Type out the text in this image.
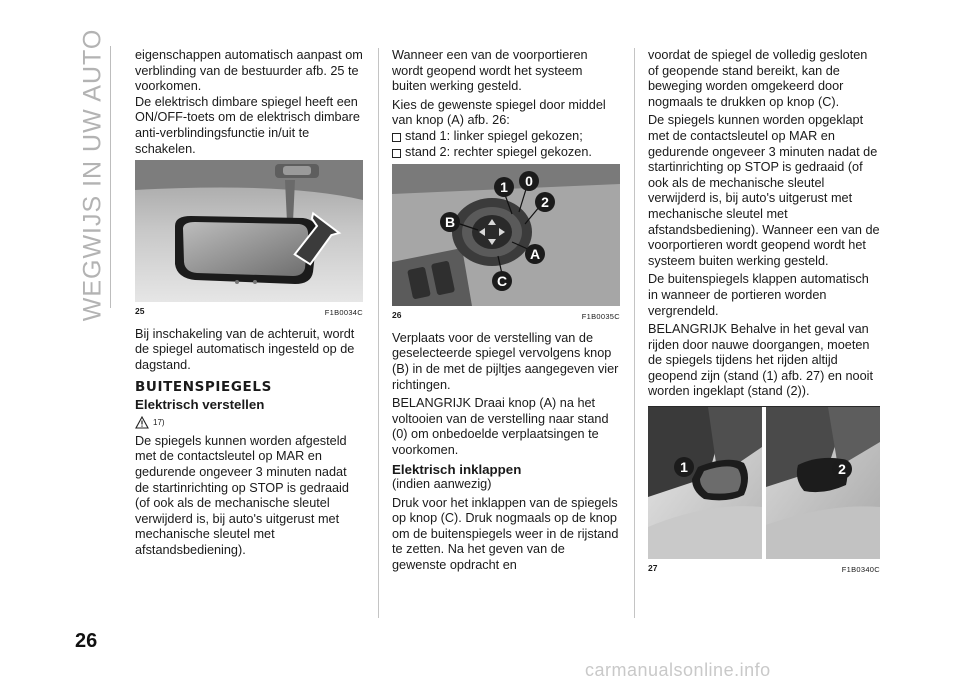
WEGWIJS IN UW AUTO eigenschappen automatisch aanpast om verblinding van de bestuurder afb. 25 te voorkomen.

De elektrisch dimbare spiegel heeft een ON/OFF-toets om de elektrisch dimbare anti-verblindingsfunctie in/uit te schakelen.

25	F1B0034C

Bij inschakeling van de achteruit, wordt de spiegel automatisch ingesteld op de dagstand.

BUITENSPIEGELS
Elektrisch verstellen
17)

De spiegels kunnen worden afgesteld met de contactsleutel op MAR en gedurende ongeveer 3 minuten nadat de startinrichting op STOP is gedraaid (of ook als de mechanische sleutel verwijderd is, bij auto's uitgerust met mechanische sleutel met afstandsbediening).

Wanneer een van de voorportieren wordt geopend wordt het systeem buiten werking gesteld.

Kies de gewenste spiegel door middel van knop (A) afb. 26:

stand 1: linker spiegel gekozen;
stand 2: rechter spiegel gekozen.
1 0
2
B
A
C
26	F1B0035C

Verplaats voor de verstelling van de geselecteerde spiegel vervolgens knop (B) in de met de pijltjes aangegeven vier richtingen.

BELANGRIJK Draai knop (A) na het voltooien van de verstelling naar stand (0) om onbedoelde verplaatsingen te voorkomen.

Elektrisch inklappen

(indien aanwezig)

Druk voor het inklappen van de spiegels op knop (C). Druk nogmaals op de knop om de buitenspiegels weer in de rijstand te zetten. Na het geven van de gewenste opdracht en

voordat de spiegel de volledig gesloten of geopende stand bereikt, kan de beweging worden omgekeerd door nogmaals te drukken op knop (C).

De spiegels kunnen worden opgeklapt met de contactsleutel op MAR en gedurende ongeveer 3 minuten nadat de startinrichting op STOP is gedraaid (of ook als de mechanische sleutel verwijderd is, bij auto's uitgerust met mechanische sleutel met afstandsbediening). Wanneer een van de voorportieren wordt geopend wordt het systeem buiten werking gesteld.

De buitenspiegels klappen automatisch in wanneer de portieren worden vergrendeld.

BELANGRIJK Behalve in het geval van rijden door nauwe doorgangen, moeten de spiegels tijdens het rijden altijd geopend zijn (stand (1) afb. 27) en nooit worden ingeklapt (stand (2)).

1	2
27	F1B0340C
26
carmanualsonline.info
